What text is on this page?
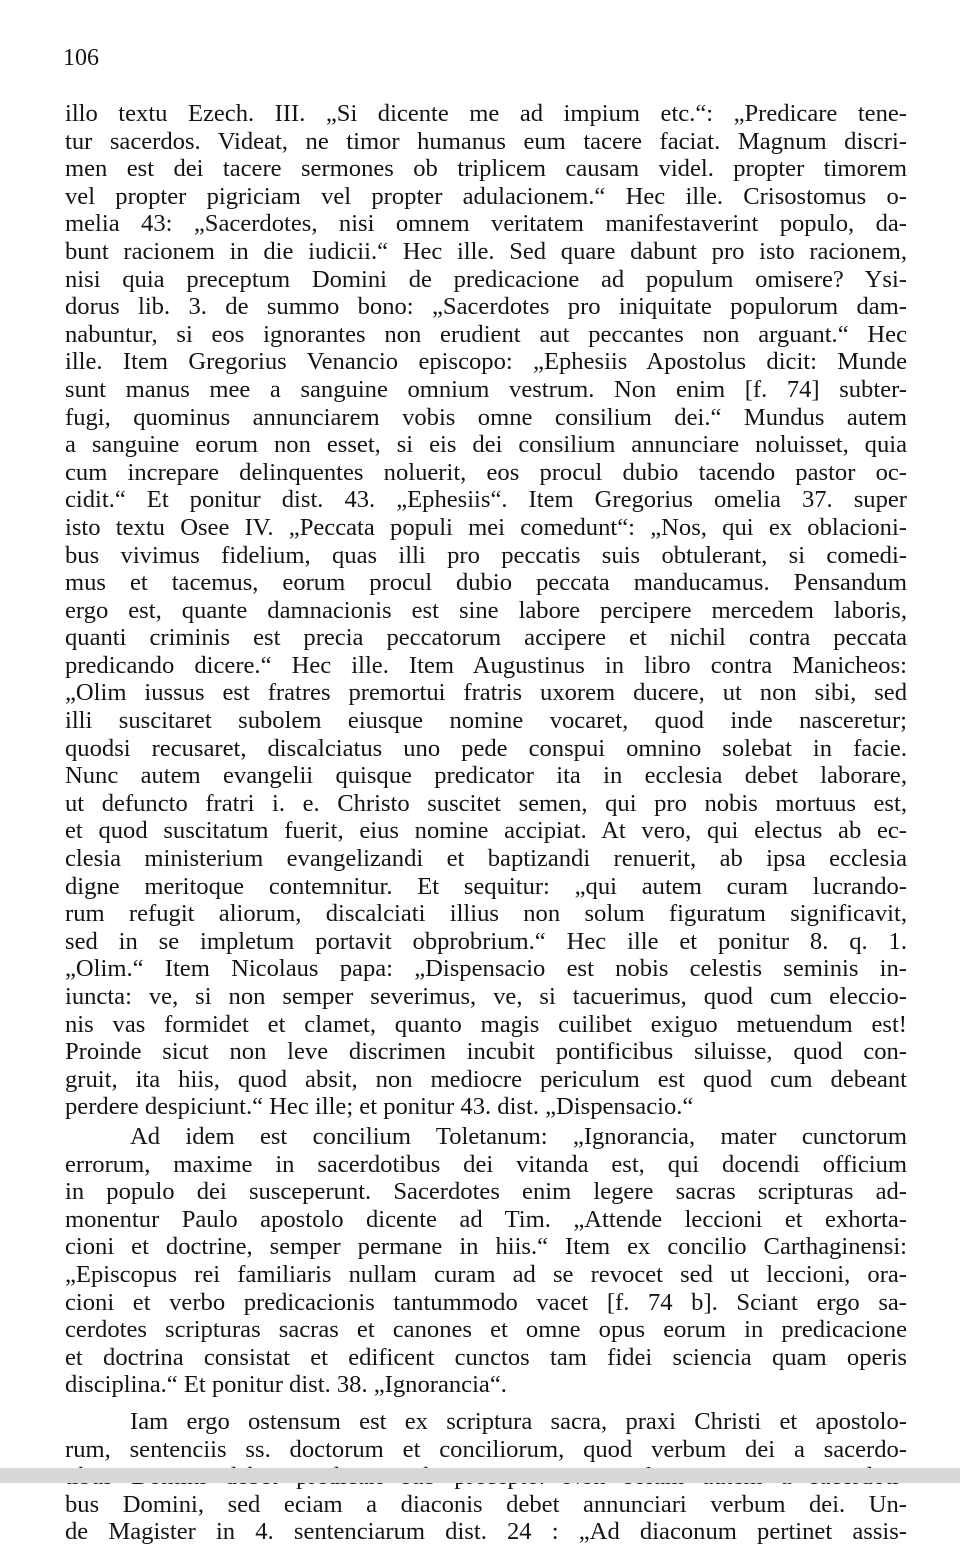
106
illo textu Ezech. III. „Si dicente me ad impium etc.“: „Predicare tene-
tur sacerdos. Videat, ne timor humanus eum tacere faciat. Magnum discri-
men est dei tacere sermones ob triplicem causam videl. propter timorem
vel propter pigriciam vel propter adulacionem.“ Hec ille. Crisostomus o-
melia 43: „Sacerdotes, nisi omnem veritatem manifestaverint populo, da-
bunt racionem in die iudicii.“ Hec ille. Sed quare dabunt pro isto racionem,
nisi quia preceptum Domini de predicacione ad populum omisere? Ysi-
dorus lib. 3. de summo bono: „Sacerdotes pro iniquitate populorum dam-
nabuntur, si eos ignorantes non erudient aut peccantes non arguant.“ Hec
ille. Item Gregorius Venancio episcopo: „Ephesiis Apostolus dicit: Munde
sunt manus mee a sanguine omnium vestrum. Non enim [f. 74] subter-
fugi, quominus annunciarem vobis omne consilium dei.“ Mundus autem
a sanguine eorum non esset, si eis dei consilium annunciare noluisset, quia
cum increpare delinquentes noluerit, eos procul dubio tacendo pastor oc-
cidit.“ Et ponitur dist. 43. „Ephesiis“. Item Gregorius omelia 37. super
isto textu Osee IV. „Peccata populi mei comedunt“: „Nos, qui ex oblacioni-
bus vivimus fidelium, quas illi pro peccatis suis obtulerant, si comedi-
mus et tacemus, eorum procul dubio peccata manducamus. Pensandum
ergo est, quante damnacionis est sine labore percipere mercedem laboris,
quanti criminis est precia peccatorum accipere et nichil contra peccata
predicando dicere.“ Hec ille. Item Augustinus in libro contra Manicheos:
„Olim iussus est fratres premortui fratris uxorem ducere, ut non sibi, sed
illi suscitaret subolem eiusque nomine vocaret, quod inde nasceretur;
quodsi recusaret, discalciatus uno pede conspui omnino solebat in facie.
Nunc autem evangelii quisque predicator ita in ecclesia debet laborare,
ut defuncto fratri i. e. Christo suscitet semen, qui pro nobis mortuus est,
et quod suscitatum fuerit, eius nomine accipiat. At vero, qui electus ab ec-
clesia ministerium evangelizandi et baptizandi renuerit, ab ipsa ecclesia
digne meritoque contemnitur. Et sequitur: „qui autem curam lucrando-
rum refugit aliorum, discalciati illius non solum figuratum significavit,
sed in se impletum portavit obprobrium.“ Hec ille et ponitur 8. q. 1.
„Olim.“ Item Nicolaus papa: „Dispensacio est nobis celestis seminis in-
iuncta: ve, si non semper severimus, ve, si tacuerimus, quod cum eleccio-
nis vas formidet et clamet, quanto magis cuilibet exiguo metuendum est!
Proinde sicut non leve discrimen incubit pontificibus siluisse, quod con-
gruit, ita hiis, quod absit, non mediocre periculum est quod cum debeant
perdere despiciunt.“ Hec ille; et ponitur 43. dist. „Dispensacio.“
Ad idem est concilium Toletanum: „Ignorancia, mater cunctorum
errorum, maxime in sacerdotibus dei vitanda est, qui docendi officium
in populo dei susceperunt. Sacerdotes enim legere sacras scripturas ad-
monentur Paulo apostolo dicente ad Tim. „Attende leccioni et exhorta-
cioni et doctrine, semper permane in hiis.“ Item ex concilio Carthaginensi:
„Episcopus rei familiaris nullam curam ad se revocet sed ut leccioni, ora-
cioni et verbo predicacionis tantummodo vacet [f. 74 b]. Sciant ergo sa-
cerdotes scripturas sacras et canones et omne opus eorum in predicacione
et doctrina consistat et edificent cunctos tam fidei sciencia quam operis
disciplina.“ Et ponitur dist. 38. „Ignorancia“.
Iam ergo ostensum est ex scriptura sacra, praxi Christi et apostolo-
rum, sentenciis ss. doctorum et conciliorum, quod verbum dei a sacerdo-
bus Domini, sed eciam a diaconis debet annunciari verbum dei. Un-
de Magister in 4. sentenciarum dist. 24 : „Ad diaconum pertinet assis-
